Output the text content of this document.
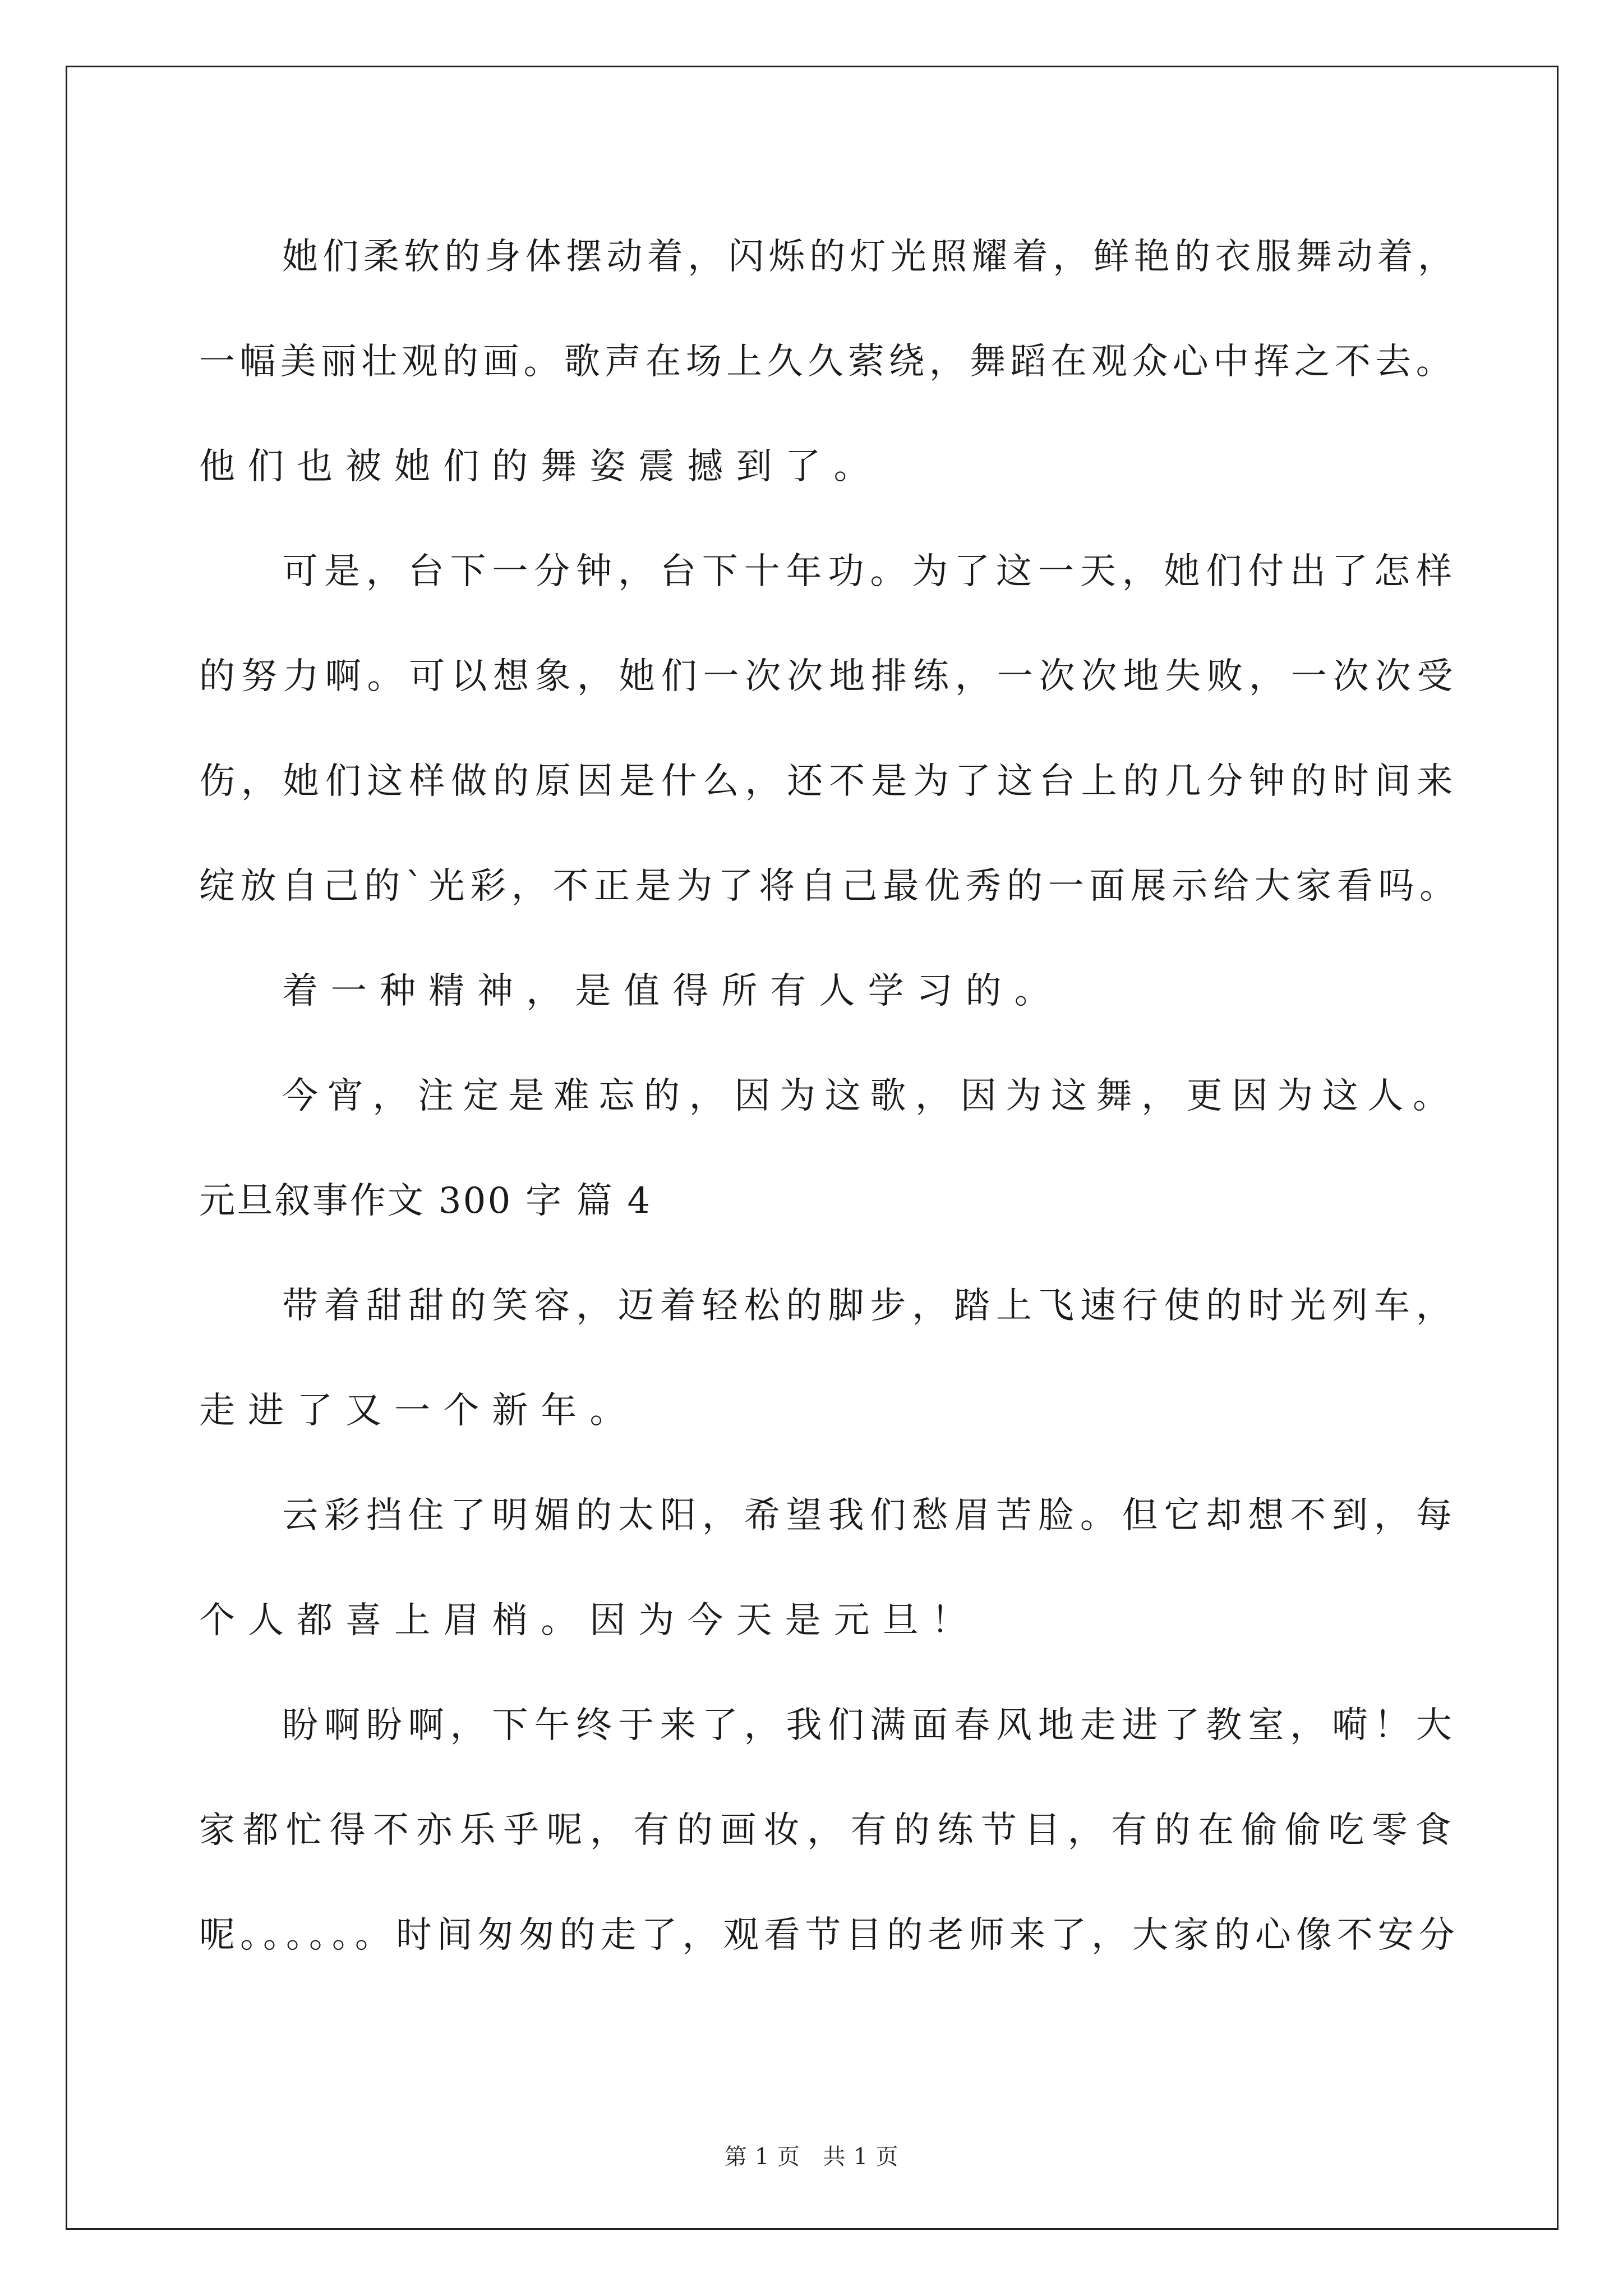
她们柔软的身体摆动着，闪烁的灯光照耀着，鲜艳的衣服舞动着，
一幅美丽壮观的画。歌声在场上久久萦绕，舞蹈在观众心中挥之不去。
他们也被她们的舞姿震撼到了。
可是，台下一分钟，台下十年功。为了这一天，她们付出了怎样
的努力啊。可以想象，她们一次次地排练，一次次地失败，一次次受
伤，她们这样做的原因是什么，还不是为了这台上的几分钟的时间来
绽放自己的`光彩，不正是为了将自己最优秀的一面展示给大家看吗。
着一种精神，是值得所有人学习的。
今宵，注定是难忘的，因为这歌，因为这舞，更因为这人。
元旦叙事作文 300 字 篇 4
带着甜甜的笑容，迈着轻松的脚步，踏上飞速行使的时光列车，
走进了又一个新年。
云彩挡住了明媚的太阳，希望我们愁眉苦脸。但它却想不到，每
个人都喜上眉梢。因为今天是元旦！
盼啊盼啊，下午终于来了，我们满面春风地走进了教室，嗬！大
家都忙得不亦乐乎呢，有的画妆，有的练节目，有的在偷偷吃零食
呢。。。。。。时间匆匆的走了，观看节目的老师来了，大家的心像不安分
第 1 页　共 1 页
